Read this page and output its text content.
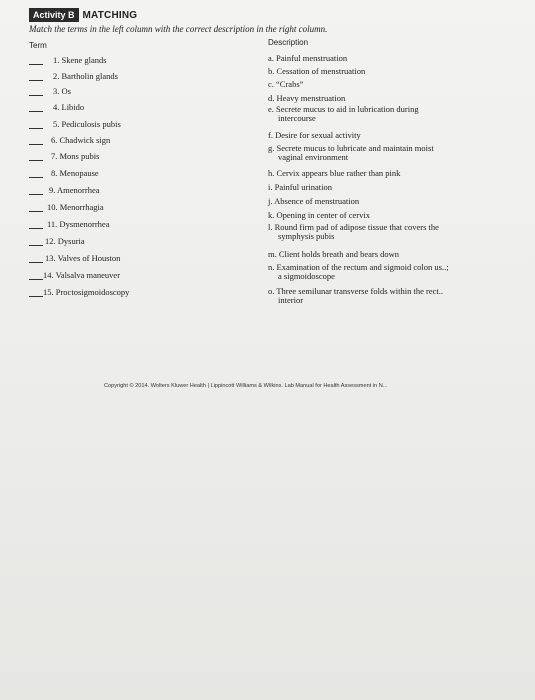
Activity B MATCHING
Match the terms in the left column with the correct description in the right column.
Term	Description
1. Skene glands
2. Bartholin glands
3. Os
4. Libido
5. Pediculosis pubis
6. Chadwick sign
7. Mons pubis
8. Menopause
9. Amenorrhea
10. Menorrhagia
11. Dysmenorrhea
12. Dysuria
13. Valves of Houston
14. Valsalva maneuver
15. Proctosigmoidoscopy
a. Painful menstruation
b. Cessation of menstruation
c. “Crabs”
d. Heavy menstruation
e. Secrete mucus to aid in lubrication during
intercourse
f. Desire for sexual activity
g. Secrete mucus to lubricate and maintain moist
vaginal environment
h. Cervix appears blue rather than pink
i. Painful urination
j. Absence of menstruation
k. Opening in center of cervix
l. Round firm pad of adipose tissue that covers the
symphysis pubis
m. Client holds breath and bears down
n. Examination of the rectum and sigmoid colon us..;
a sigmoidoscope
o. Three semilunar transverse folds within the rect..
interior
Copyright © 2014. Wolters Kluwer Health | Lippincott Williams & Wilkins. Lab Manual for Health Assessment in N...
